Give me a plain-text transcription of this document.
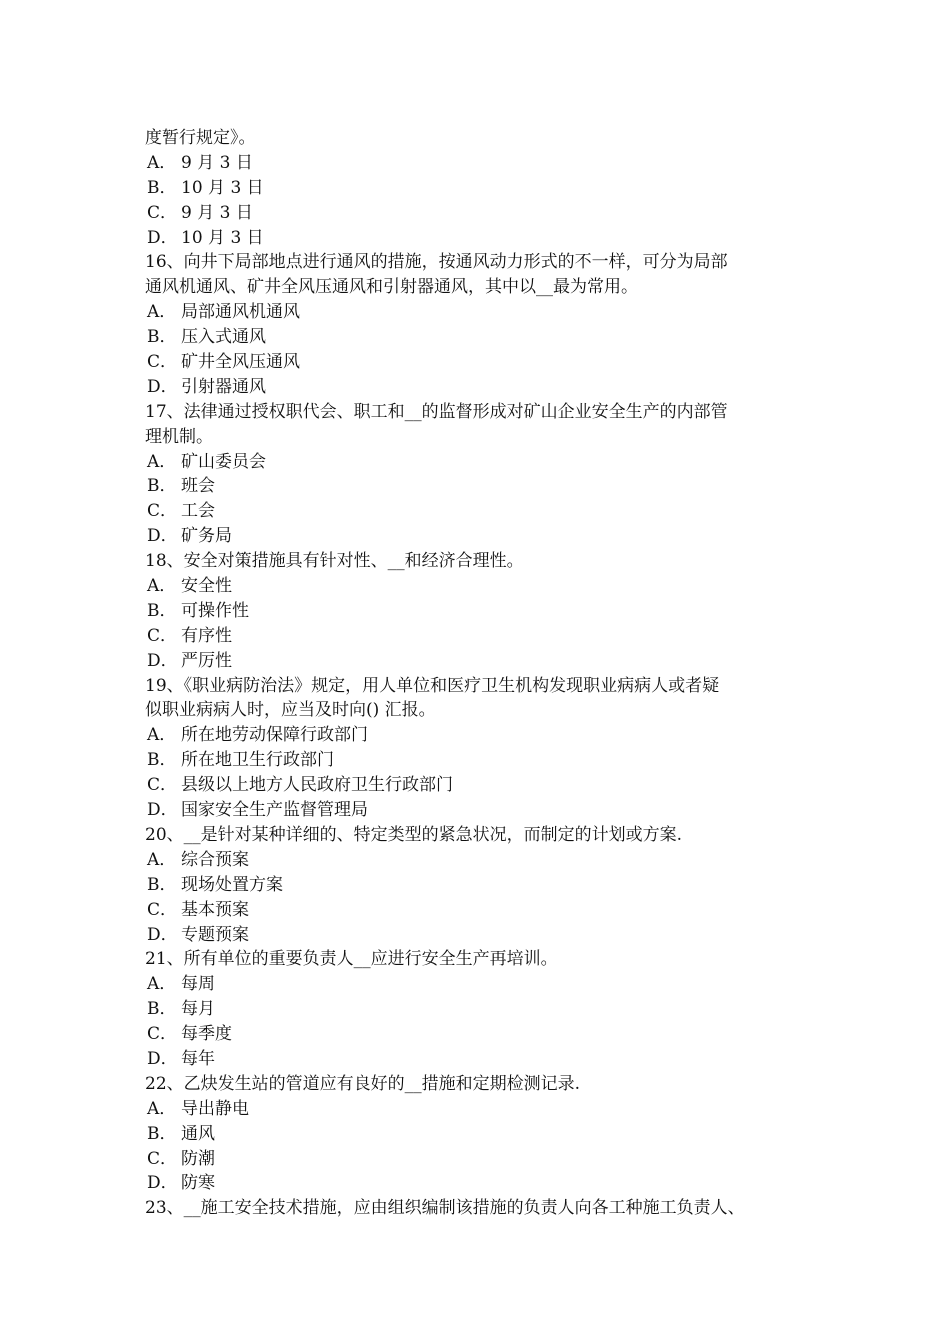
度暂行规定》。
A． 9 月 3 日
B． 10 月 3 日
C． 9 月 3 日
D． 10 月 3 日
16、向井下局部地点进行通风的措施，按通风动力形式的不一样，可分为局部
通风机通风、矿井全风压通风和引射器通风，其中以__最为常用。
A． 局部通风机通风
B． 压入式通风
C． 矿井全风压通风
D． 引射器通风
17、法律通过授权职代会、职工和__的监督形成对矿山企业安全生产的内部管
理机制。
A． 矿山委员会
B． 班会
C． 工会
D． 矿务局
18、安全对策措施具有针对性、__和经济合理性。
A． 安全性
B． 可操作性
C． 有序性
D． 严厉性
19、《职业病防治法》规定，用人单位和医疗卫生机构发现职业病病人或者疑
似职业病病人时，应当及时向() 汇报。
A． 所在地劳动保障行政部门
B． 所在地卫生行政部门
C． 县级以上地方人民政府卫生行政部门
D． 国家安全生产监督管理局
20、__是针对某种详细的、特定类型的紧急状况，而制定的计划或方案.
A． 综合预案
B． 现场处置方案
C． 基本预案
D． 专题预案
21、所有单位的重要负责人__应进行安全生产再培训。
A． 每周
B． 每月
C． 每季度
D． 每年
22、乙炔发生站的管道应有良好的__措施和定期检测记录.
A． 导出静电
B． 通风
C． 防潮
D． 防寒
23、__施工安全技术措施，应由组织编制该措施的负责人向各工种施工负责人、
